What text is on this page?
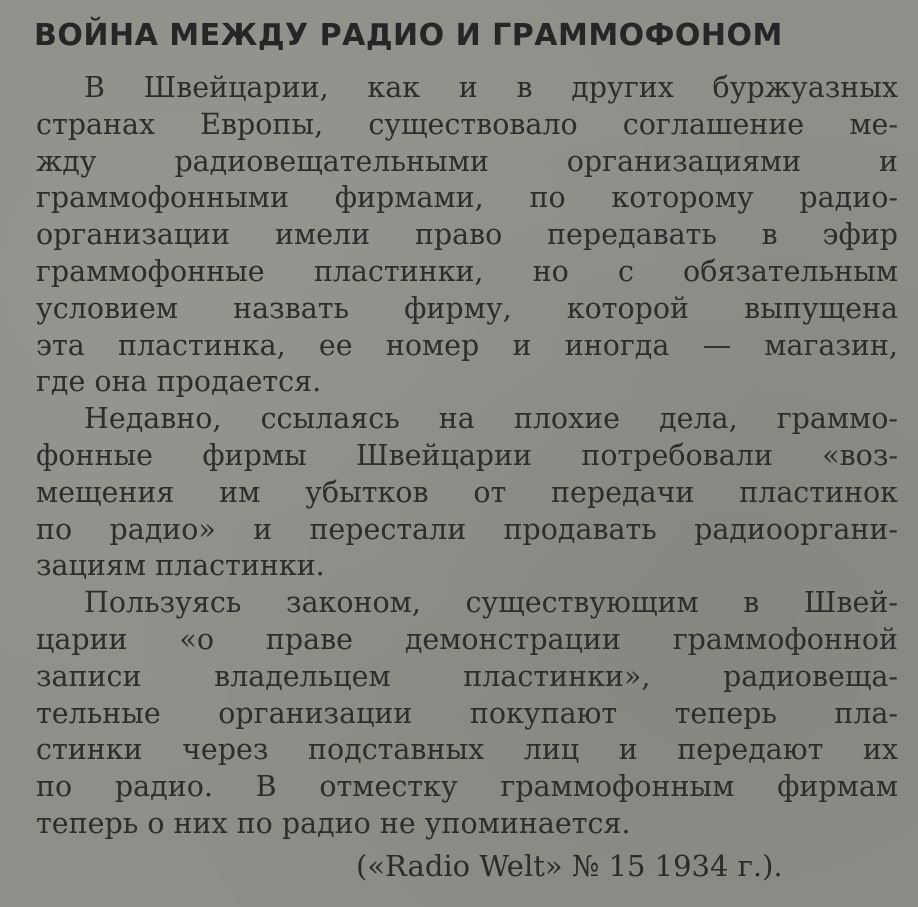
ВОЙНА МЕЖДУ РАДИО И ГРАММОФОНОМ
В Швейцарии, как и в других буржуазных
странах Европы, существовало соглашение ме-
жду радиовещательными организациями и
граммофонными фирмами, по которому радио-
организации имели право передавать в эфир
граммофонные пластинки, но с обязательным
условием назвать фирму, которой выпущена
эта пластинка, ее номер и иногда — магазин,
где она продается.
Недавно, ссылаясь на плохие дела, граммо-
фонные фирмы Швейцарии потребовали «воз-
мещения им убытков от передачи пластинок
по радио» и перестали продавать радиооргани-
зациям пластинки.
Пользуясь законом, существующим в Швей-
царии «о праве демонстрации граммофонной
записи владельцем пластинки», радиовеща-
тельные организации покупают теперь пла-
стинки через подставных лиц и передают их
по радио. В отместку граммофонным фирмам
теперь о них по радио не упоминается.
(«Radio Welt» № 15 1934 г.).
